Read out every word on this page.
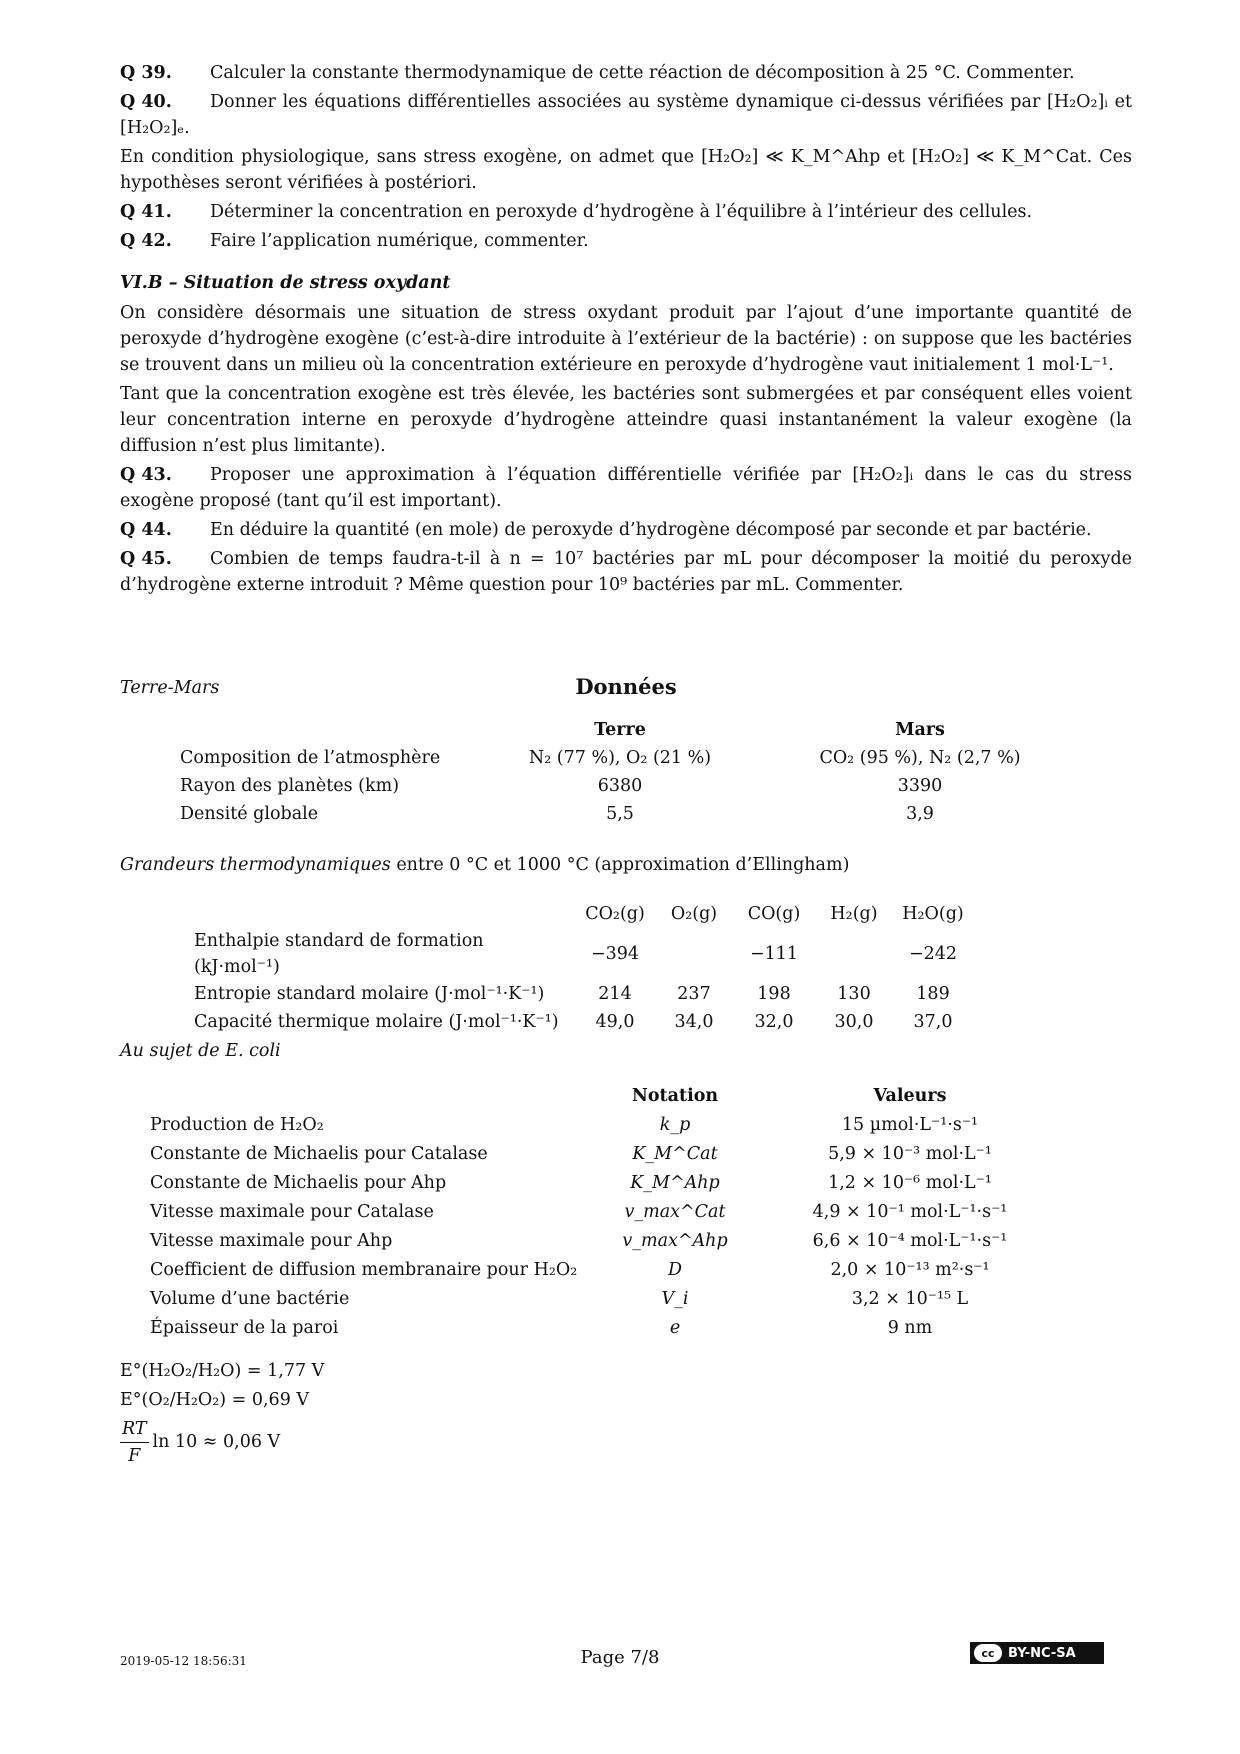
Q 39. Calculer la constante thermodynamique de cette réaction de décomposition à 25 °C. Commenter.

Q 40. Donner les équations différentielles associées au système dynamique ci-dessus vérifiées par [H₂O₂]ᵢ et [H₂O₂]ₑ.

En condition physiologique, sans stress exogène, on admet que [H₂O₂] ≪ K_M^Ahp et [H₂O₂] ≪ K_M^Cat. Ces hypothèses seront vérifiées à postériori.

Q 41. Déterminer la concentration en peroxyde d’hydrogène à l’équilibre à l’intérieur des cellules.

Q 42. Faire l’application numérique, commenter.

VI.B – Situation de stress oxydant

On considère désormais une situation de stress oxydant produit par l’ajout d’une importante quantité de peroxyde d’hydrogène exogène (c’est-à-dire introduite à l’extérieur de la bactérie) : on suppose que les bactéries se trouvent dans un milieu où la concentration extérieure en peroxyde d’hydrogène vaut initialement 1 mol·L⁻¹.

Tant que la concentration exogène est très élevée, les bactéries sont submergées et par conséquent elles voient leur concentration interne en peroxyde d’hydrogène atteindre quasi instantanément la valeur exogène (la diffusion n’est plus limitante).

Q 43. Proposer une approximation à l’équation différentielle vérifiée par [H₂O₂]ᵢ dans le cas du stress exogène proposé (tant qu’il est important).

Q 44. En déduire la quantité (en mole) de peroxyde d’hydrogène décomposé par seconde et par bactérie.

Q 45. Combien de temps faudra-t-il à n = 10⁷ bactéries par mL pour décomposer la moitié du peroxyde d’hydrogène externe introduit ? Même question pour 10⁹ bactéries par mL. Commenter.

Données
Terre-Mars
	Terre	Mars
Composition de l’atmosphère	N₂ (77 %), O₂ (21 %)	CO₂ (95 %), N₂ (2,7 %)
Rayon des planètes (km)	6380	3390
Densité globale	5,5	3,9
Grandeurs thermodynamiques entre 0 °C et 1000 °C (approximation d’Ellingham)
	CO₂(g)	O₂(g)	CO(g)	H₂(g)	H₂O(g)
Enthalpie standard de formation (kJ·mol⁻¹)	−394		−111		−242
Entropie standard molaire (J·mol⁻¹·K⁻¹)	214	237	198	130	189
Capacité thermique molaire (J·mol⁻¹·K⁻¹)	49,0	34,0	32,0	30,0	37,0
Au sujet de E. coli
	Notation	Valeurs
Production de H₂O₂	k_p	15 µmol·L⁻¹·s⁻¹
Constante de Michaelis pour Catalase	K_M^Cat	5,9 × 10⁻³ mol·L⁻¹
Constante de Michaelis pour Ahp	K_M^Ahp	1,2 × 10⁻⁶ mol·L⁻¹
Vitesse maximale pour Catalase	v_max^Cat	4,9 × 10⁻¹ mol·L⁻¹·s⁻¹
Vitesse maximale pour Ahp	v_max^Ahp	6,6 × 10⁻⁴ mol·L⁻¹·s⁻¹
Coefficient de diffusion membranaire pour H₂O₂	D	2,0 × 10⁻¹³ m²·s⁻¹
Volume d’une bactérie	V_i	3,2 × 10⁻¹⁵ L
Épaisseur de la paroi	e	9 nm
E°(H₂O₂/H₂O) = 1,77 V
E°(O₂/H₂O₂) = 0,69 V
$\frac{RT}{F}$ ln 10 ≈ 0,06 V
2019-05-12 18:56:31	Page 7/8	cc	BY-NC-SA
